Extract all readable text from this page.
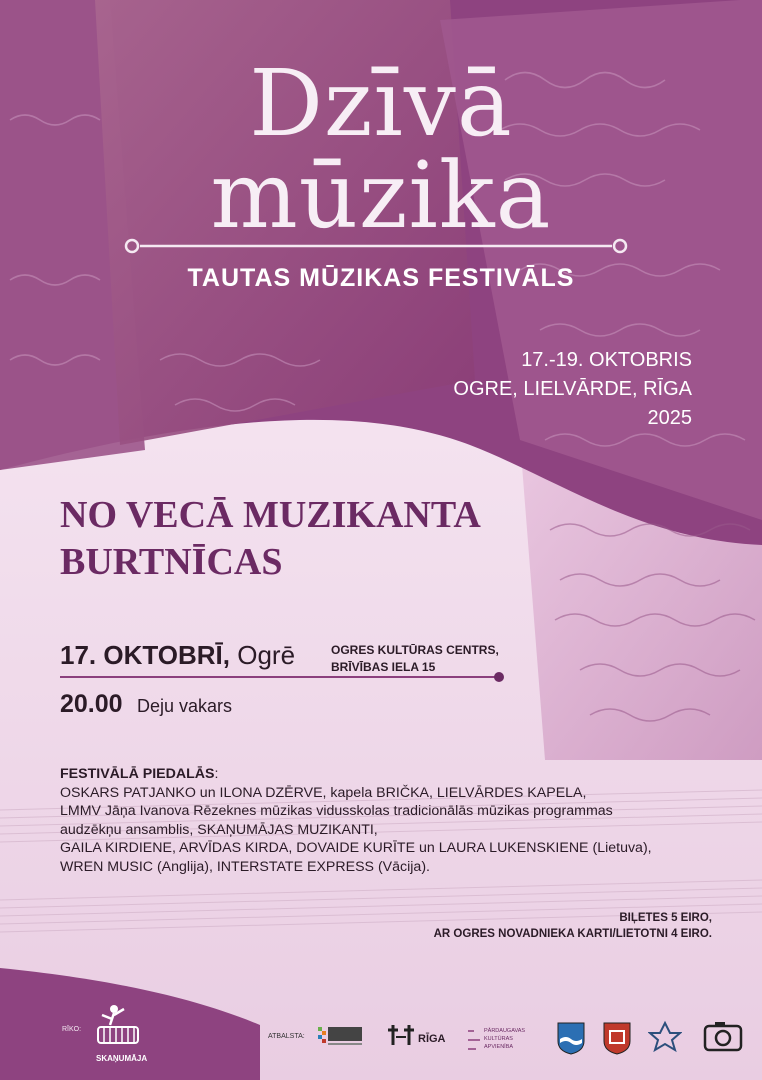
Dzīvā
mūzika
TAUTAS MŪZIKAS FESTIVĀLS
17.-19. OKTOBRIS
OGRE, LIELVĀRDE, RĪGA
2025
NO VECĀ MUZIKANTA
BURTNĪCAS
17. OKTOBRĪ, Ogrē	OGRES KULTŪRAS CENTRS,
BRĪVĪBAS IELA 15
20.00 Deju vakars
FESTIVĀLĀ PIEDALĀS:
OSKARS PATJANKO un ILONA DZĒRVE, kapela BRIČKA, LIELVĀRDES KAPELA,
LMMV Jāņa Ivanova Rēzeknes mūzikas vidusskolas tradicionālās mūzikas programmas
audzēkņu ansamblis, SKAŅUMĀJAS MUZIKANTI,
GAILA KIRDIENE, ARVĪDAS KIRDA, DOVAIDE KURĪTE un LAURA LUKENSKIENE (Lietuva),
WREN MUSIC (Anglija), INTERSTATE EXPRESS (Vācija).
BIĻETES 5 EIRO,
AR OGRES NOVADNIEKA KARTI/LIETOTNI 4 EIRO.
RĪKO:
SKAŅUMĀJA
ATBALSTA:	RĪGA
PĀRDAUGAVAS
KULTŪRAS
APVIENĪBA
